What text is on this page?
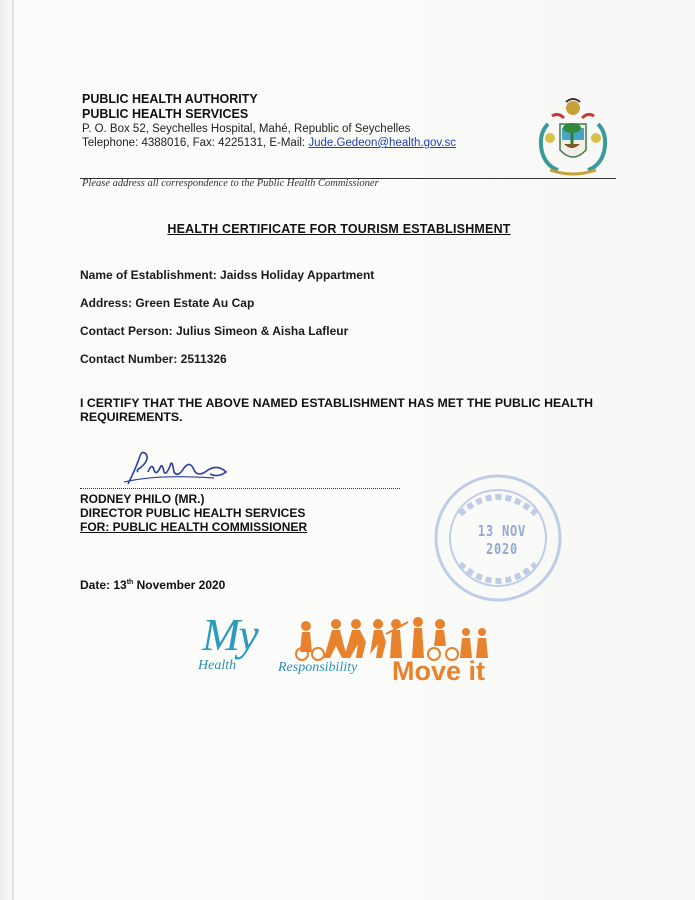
PUBLIC HEALTH AUTHORITY
PUBLIC HEALTH SERVICES
P. O. Box 52, Seychelles Hospital, Mahé, Republic of Seychelles
Telephone: 4388016, Fax: 4225131, E-Mail: Jude.Gedeon@health.gov.sc
Please address all correspondence to the Public Health Commissioner
HEALTH CERTIFICATE FOR TOURISM ESTABLISHMENT
Name of Establishment: Jaidss Holiday Appartment
Address: Green Estate Au Cap
Contact Person: Julius Simeon & Aisha Lafleur
Contact Number: 2511326
I CERTIFY THAT THE ABOVE NAMED ESTABLISHMENT HAS MET THE PUBLIC HEALTH REQUIREMENTS.
RODNEY PHILO (MR.)
DIRECTOR PUBLIC HEALTH SERVICES
FOR: PUBLIC HEALTH COMMISSIONER	13 NOV 2020
Date: 13th November 2020
My
Health	Responsibility Move it
